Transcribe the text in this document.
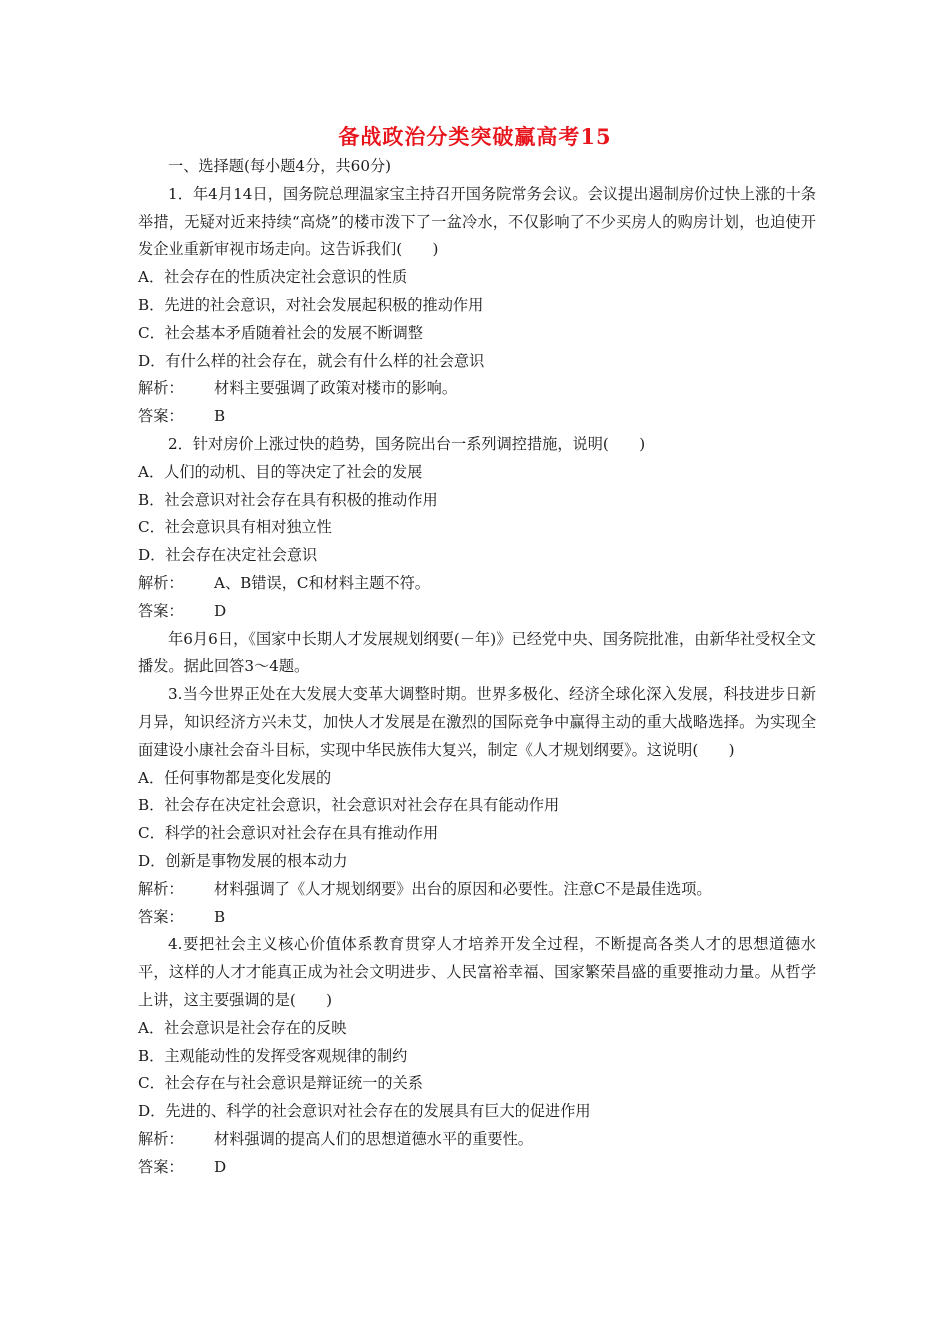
备战政治分类突破赢高考15

一、选择题(每小题4分，共60分)

1．年4月14日，国务院总理温家宝主持召开国务院常务会议。会议提出遏制房价过快上涨的十条举措，无疑对近来持续“高烧”的楼市泼下了一盆冷水，不仅影响了不少买房人的购房计划，也迫使开发企业重新审视市场走向。这告诉我们(　　)

A．社会存在的性质决定社会意识的性质

B．先进的社会意识，对社会发展起积极的推动作用

C．社会基本矛盾随着社会的发展不断调整

D．有什么样的社会存在，就会有什么样的社会意识

解析： 材料主要强调了政策对楼市的影响。

答案： B

2．针对房价上涨过快的趋势，国务院出台一系列调控措施，说明(　　)

A．人们的动机、目的等决定了社会的发展

B．社会意识对社会存在具有积极的推动作用

C．社会意识具有相对独立性

D．社会存在决定社会意识

解析： A、B错误，C和材料主题不符。

答案： D

年6月6日，《国家中长期人才发展规划纲要(－年)》已经党中央、国务院批准，由新华社受权全文播发。据此回答3～4题。

3.当今世界正处在大发展大变革大调整时期。世界多极化、经济全球化深入发展，科技进步日新月异，知识经济方兴未艾，加快人才发展是在激烈的国际竞争中赢得主动的重大战略选择。为实现全面建设小康社会奋斗目标，实现中华民族伟大复兴，制定《人才规划纲要》。这说明(　　)

A．任何事物都是变化发展的

B．社会存在决定社会意识，社会意识对社会存在具有能动作用

C．科学的社会意识对社会存在具有推动作用

D．创新是事物发展的根本动力

解析： 材料强调了《人才规划纲要》出台的原因和必要性。注意C不是最佳选项。

答案： B

4.要把社会主义核心价值体系教育贯穿人才培养开发全过程，不断提高各类人才的思想道德水平，这样的人才才能真正成为社会文明进步、人民富裕幸福、国家繁荣昌盛的重要推动力量。从哲学上讲，这主要强调的是(　　)

A．社会意识是社会存在的反映

B．主观能动性的发挥受客观规律的制约

C．社会存在与社会意识是辩证统一的关系

D．先进的、科学的社会意识对社会存在的发展具有巨大的促进作用

解析： 材料强调的提高人们的思想道德水平的重要性。

答案： D
